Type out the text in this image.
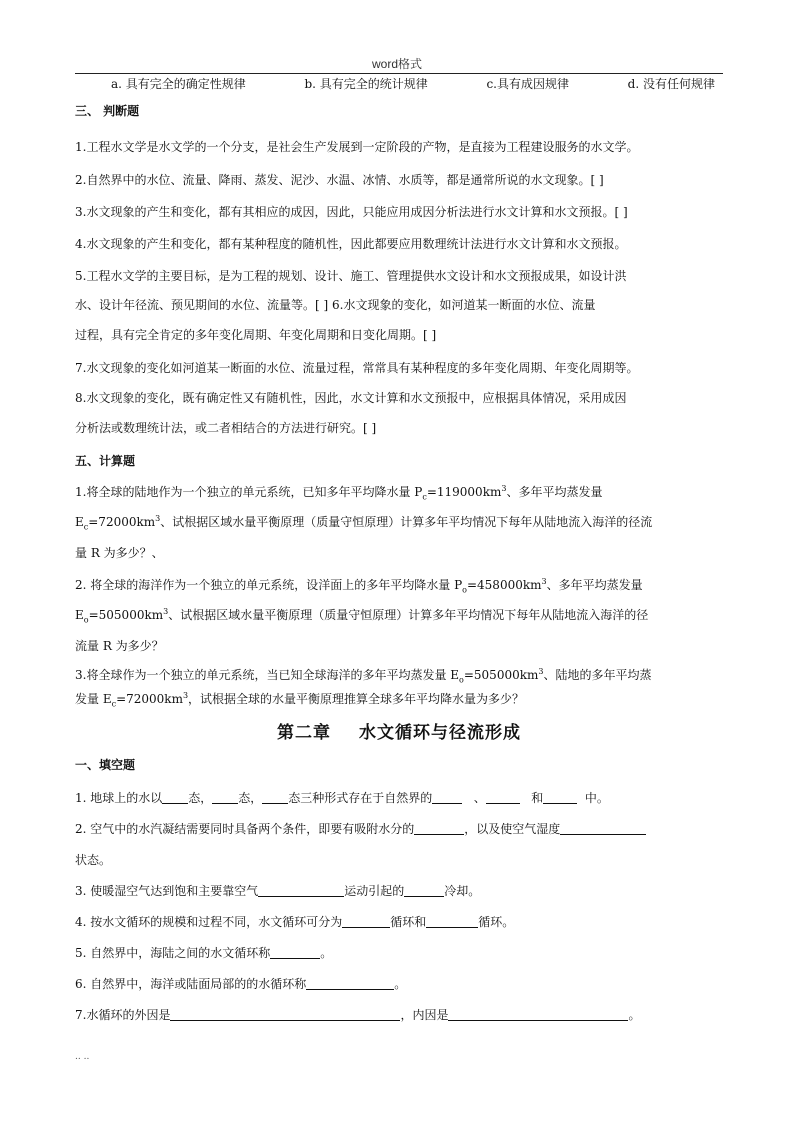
word格式
a. 具有完全的确定性规律	b. 具有完全的统计规律	c.具有成因规律	d. 没有任何规律
三、 判断题
1.工程水文学是水文学的一个分支，是社会生产发展到一定阶段的产物，是直接为工程建设服务的水文学。
2.自然界中的水位、流量、降雨、蒸发、泥沙、水温、冰情、水质等，都是通常所说的水文现象。[ ]
3.水文现象的产生和变化，都有其相应的成因，因此，只能应用成因分析法进行水文计算和水文预报。[ ]
4.水文现象的产生和变化，都有某种程度的随机性，因此都要应用数理统计法进行水文计算和水文预报。
5.工程水文学的主要目标，是为工程的规划、设计、施工、管理提供水文设计和水文预报成果，如设计洪
水、设计年径流、预见期间的水位、流量等。[ ] 6.水文现象的变化，如河道某一断面的水位、流量
过程，具有完全肯定的多年变化周期、年变化周期和日变化周期。[ ]
7.水文现象的变化如河道某一断面的水位、流量过程，常常具有某种程度的多年变化周期、年变化周期等。
8.水文现象的变化，既有确定性又有随机性，因此，水文计算和水文预报中，应根据具体情况，采用成因
分析法或数理统计法，或二者相结合的方法进行研究。[ ]
五、计算题
1.将全球的陆地作为一个独立的单元系统，已知多年平均降水量 $P_c=119000km^3$、多年平均蒸发量
$E_c=72000km^3$、试根据区域水量平衡原理（质量守恒原理）计算多年平均情况下每年从陆地流入海洋的径流
量 R 为多少？、
2. 将全球的海洋作为一个独立的单元系统，设洋面上的多年平均降水量 $P_o=458000km^3$、多年平均蒸发量
$E_o=505000km^3$、试根据区域水量平衡原理（质量守恒原理）计算多年平均情况下每年从陆地流入海洋的径
流量 R 为多少？
3.将全球作为一个独立的单元系统，当已知全球海洋的多年平均蒸发量 $E_o=505000km^3$、陆地的多年平均蒸
发量 $E_c=72000km^3$，试根据全球的水量平衡原理推算全球多年平均降水量为多少？
第二章 水文循环与径流形成
一、填空题
1. 地球上的水以 态， 态， 态三种形式存在于自然界的	、	和	中。
2. 空气中的水汽凝结需要同时具备两个条件，即要有吸附水分的	，以及使空气湿度
状态。
3. 使暖湿空气达到饱和主要靠空气	运动引起的	冷却。
4. 按水文循环的规模和过程不同，水文循环可分为	循环和	循环。
5. 自然界中，海陆之间的水文循环称	。
6. 自然界中，海洋或陆面局部的的水循环称	。
7.水循环的外因是	，内因是	。
.. ..
